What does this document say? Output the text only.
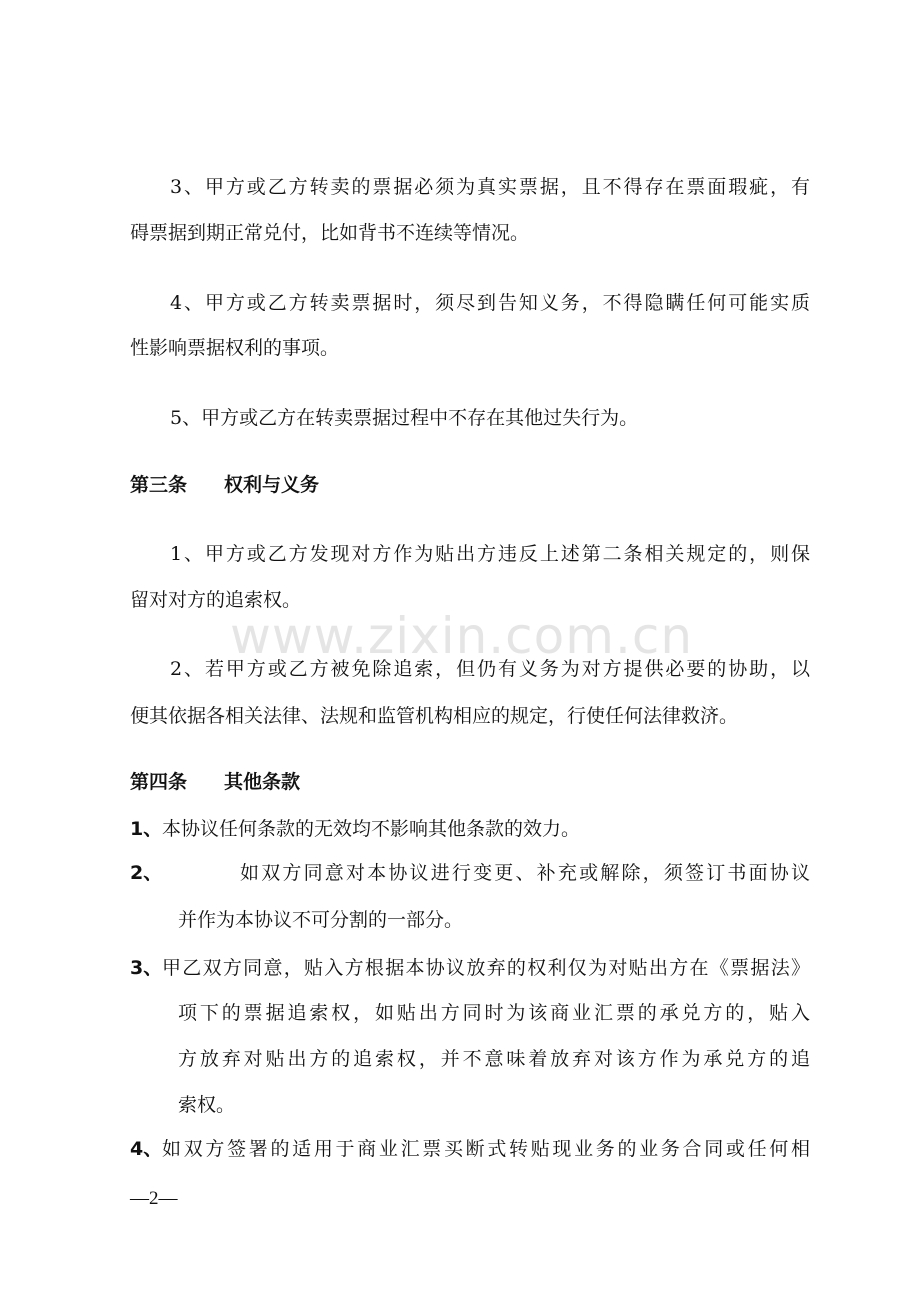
3、甲方或乙方转卖的票据必须为真实票据，且不得存在票面瑕疵，有
碍票据到期正常兑付，比如背书不连续等情况。
4、甲方或乙方转卖票据时，须尽到告知义务，不得隐瞒任何可能实质
性影响票据权利的事项。
5、甲方或乙方在转卖票据过程中不存在其他过失行为。
第三条 权利与义务
1、甲方或乙方发现对方作为贴出方违反上述第二条相关规定的，则保
留对对方的追索权。
www.zixin.com.cn
2、若甲方或乙方被免除追索，但仍有义务为对方提供必要的协助，以
便其依据各相关法律、法规和监管机构相应的规定，行使任何法律救济。
第四条 其他条款
1、 本协议任何条款的无效均不影响其他条款的效力。
2、	如双方同意对本协议进行变更、补充或解除，须签订书面协议
并作为本协议不可分割的一部分。
3、 甲乙双方同意，贴入方根据本协议放弃的权利仅为对贴出方在《票据法》
项下的票据追索权，如贴出方同时为该商业汇票的承兑方的，贴入
方放弃对贴出方的追索权，并不意味着放弃对该方作为承兑方的追
索权。
4、 如双方签署的适用于商业汇票买断式转贴现业务的业务合同或任何相
—2—
